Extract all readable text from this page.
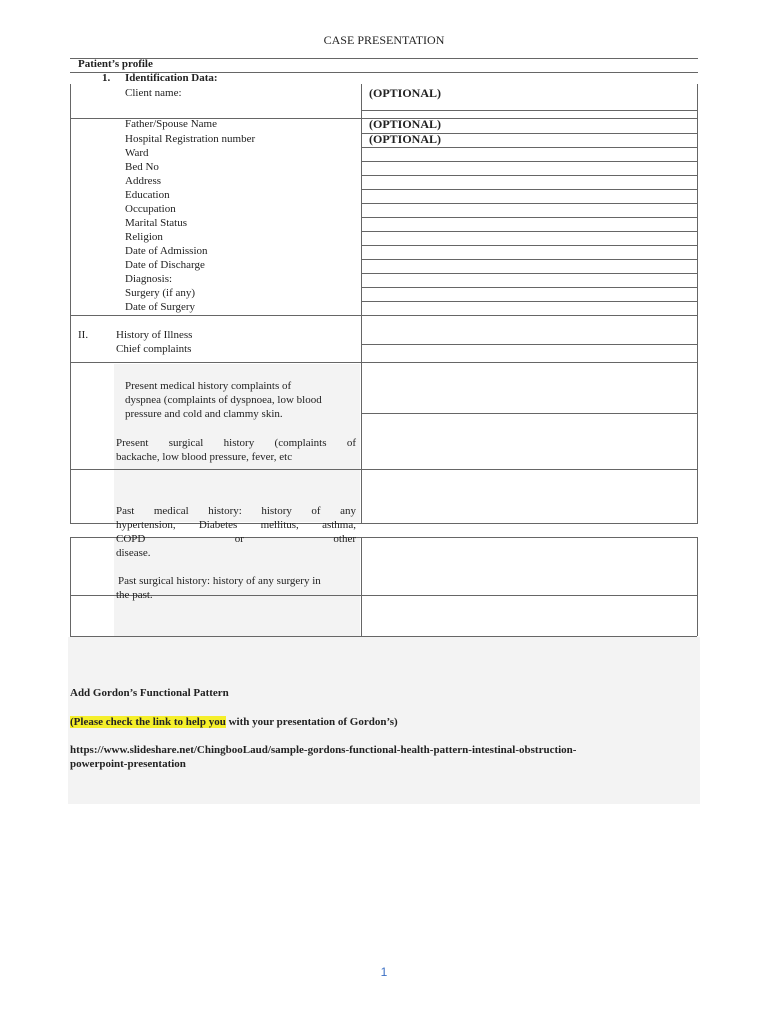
CASE PRESENTATION
Patient’s profile
1. Identification Data:
Client name:	(OPTIONAL)
Father/Spouse Name	(OPTIONAL)
Hospital Registration number	(OPTIONAL)
Ward
Bed No
Address
Education
Occupation
Marital Status
Religion
Date of Admission
Date of Discharge
Diagnosis:
Surgery (if any)
Date of Surgery
II.	History of Illness
Chief complaints
Present medical history complaints of
dyspnea (complaints of dyspnoea, low blood
pressure and cold and clammy skin.
Present surgical history (complaints of
backache, low blood pressure, fever, etc
Past medical history: history of any
hypertension, Diabetes mellitus, asthma,
COPD or other
disease.
Past surgical history: history of any surgery in
the past.
Add Gordon’s Functional Pattern
(Please check the link to help you with your presentation of Gordon’s)
https://www.slideshare.net/ChingbooLaud/sample-gordons-functional-health-pattern-intestinal-obstruction-
powerpoint-presentation
1
